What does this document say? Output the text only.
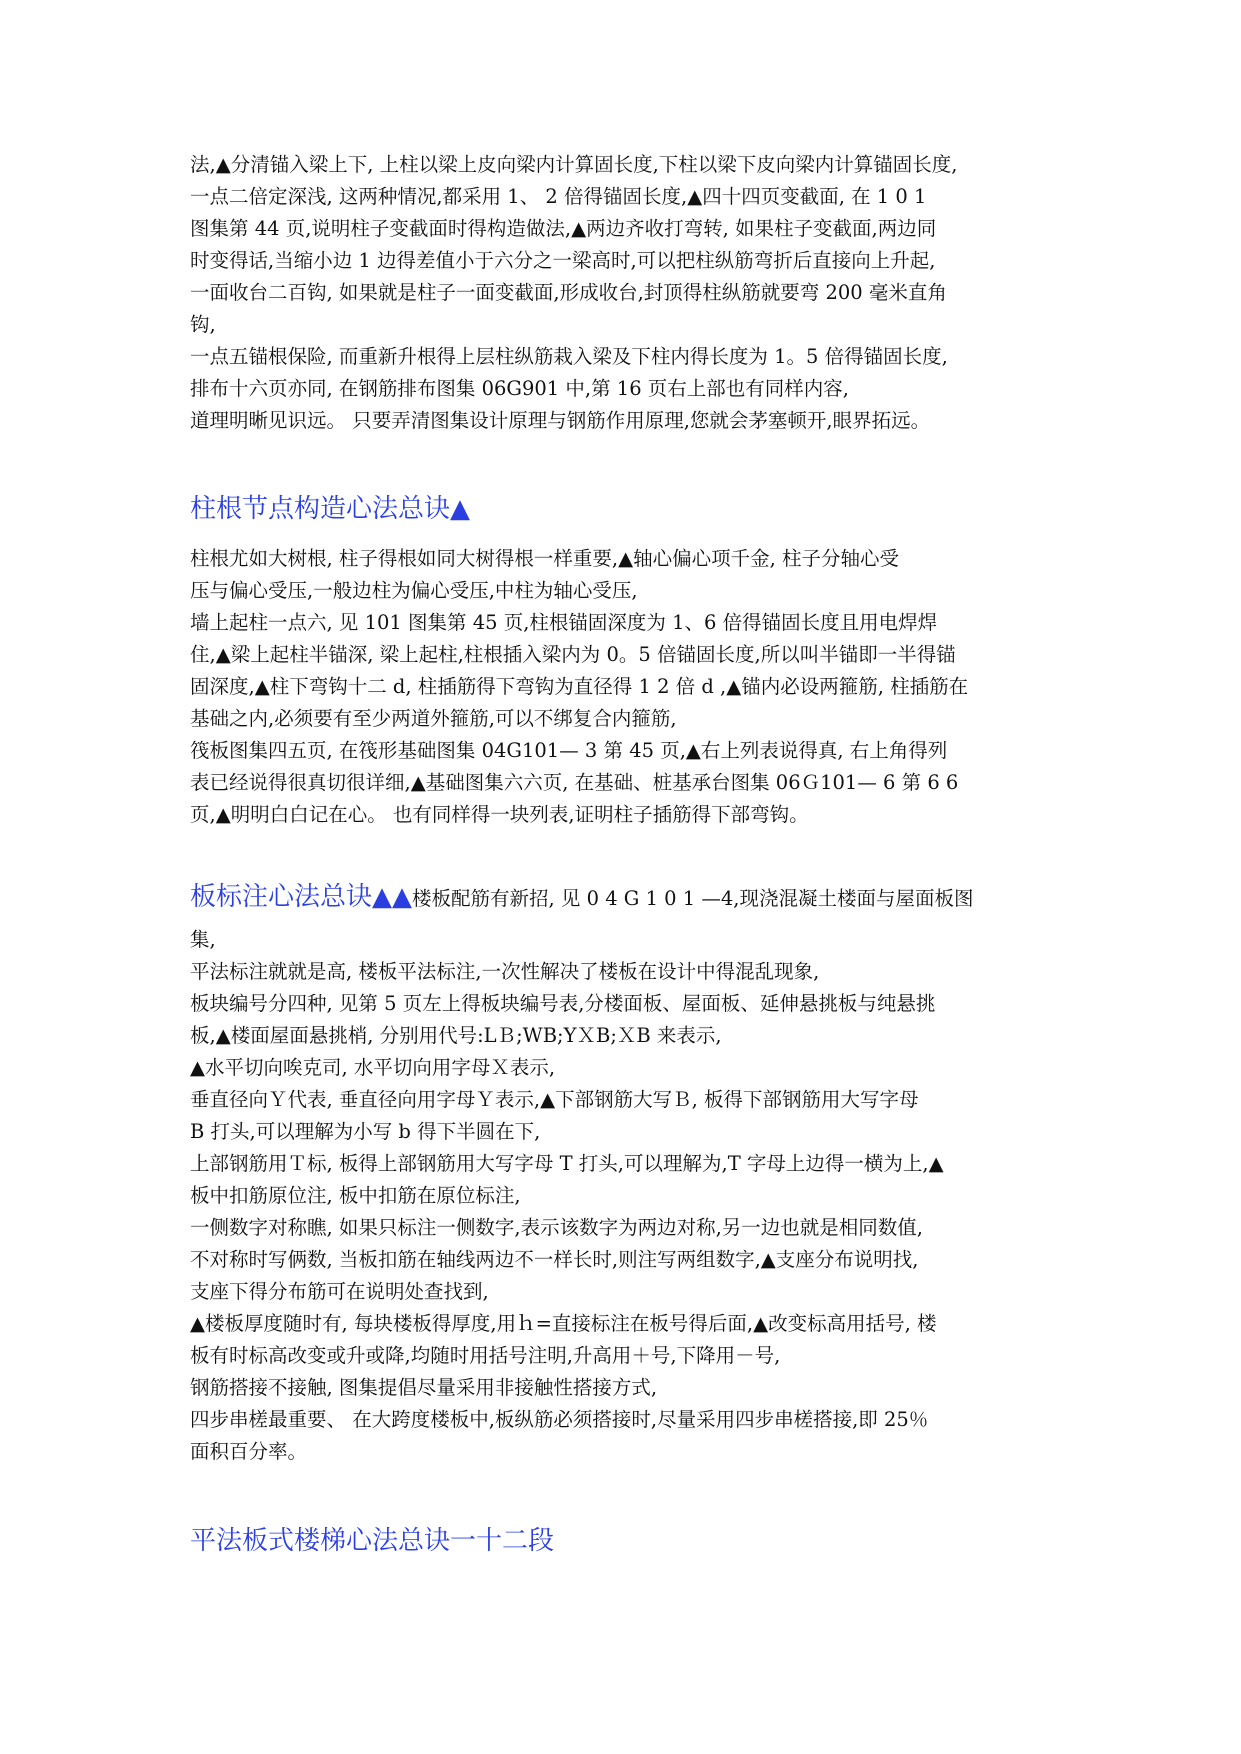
法,▲分清锚入梁上下, 上柱以梁上皮向梁内计算固长度,下柱以梁下皮向梁内计算锚固长度,
一点二倍定深浅, 这两种情况,都采用 1、 2 倍得锚固长度,▲四十四页变截面, 在 1 0 1
图集第 44 页,说明柱子变截面时得构造做法,▲两边齐收打弯转, 如果柱子变截面,两边同
时变得话,当缩小边 1 边得差值小于六分之一梁高时,可以把柱纵筋弯折后直接向上升起,
一面收台二百钩, 如果就是柱子一面变截面,形成收台,封顶得柱纵筋就要弯 200 毫米直角
钩,
一点五锚根保险, 而重新升根得上层柱纵筋栽入梁及下柱内得长度为 1。5 倍得锚固长度,
排布十六页亦同, 在钢筋排布图集 06G901 中,第 16 页右上部也有同样内容,
道理明晰见识远。 只要弄清图集设计原理与钢筋作用原理,您就会茅塞顿开,眼界拓远。
柱根节点构造心法总诀▲
柱根尤如大树根, 柱子得根如同大树得根一样重要,▲轴心偏心项千金, 柱子分轴心受
压与偏心受压,一般边柱为偏心受压,中柱为轴心受压,
墙上起柱一点六, 见 101 图集第 45 页,柱根锚固深度为 1、6 倍得锚固长度且用电焊焊
住,▲梁上起柱半锚深, 梁上起柱,柱根插入梁内为 0。5 倍锚固长度,所以叫半锚即一半得锚
固深度,▲柱下弯钩十二 d, 柱插筋得下弯钩为直径得 1 2 倍 d ,▲锚内必设两箍筋, 柱插筋在
基础之内,必须要有至少两道外箍筋,可以不绑复合内箍筋,
筏板图集四五页, 在筏形基础图集 04G101— 3 第 45 页,▲右上列表说得真, 右上角得列
表已经说得很真切很详细,▲基础图集六六页, 在基础、桩基承台图集 06Ｇ101— 6 第 6 6
页,▲明明白白记在心。 也有同样得一块列表,证明柱子插筋得下部弯钩。
板标注心法总诀▲▲楼板配筋有新招, 见 0 4 G 1 0 1 —4,现浇混凝土楼面与屋面板图
集,
平法标注就就是高, 楼板平法标注,一次性解决了楼板在设计中得混乱现象,
板块编号分四种, 见第 5 页左上得板块编号表,分楼面板、屋面板、延伸悬挑板与纯悬挑
板,▲楼面屋面悬挑梢, 分别用代号:LＢ;WB;YＸB;ＸB 来表示,
▲水平切向唉克司, 水平切向用字母Ｘ表示,
垂直径向Ｙ代表, 垂直径向用字母Ｙ表示,▲下部钢筋大写Ｂ, 板得下部钢筋用大写字母
B 打头,可以理解为小写 b 得下半圆在下,
上部钢筋用Ｔ标, 板得上部钢筋用大写字母 T 打头,可以理解为,T 字母上边得一横为上,▲
板中扣筋原位注, 板中扣筋在原位标注,
一侧数字对称瞧, 如果只标注一侧数字,表示该数字为两边对称,另一边也就是相同数值,
不对称时写俩数, 当板扣筋在轴线两边不一样长时,则注写两组数字,▲支座分布说明找,
支座下得分布筋可在说明处查找到,
▲楼板厚度随时有, 每块楼板得厚度,用ｈ=直接标注在板号得后面,▲改变标高用括号, 楼
板有时标高改变或升或降,均随时用括号注明,升高用＋号,下降用－号,
钢筋搭接不接触, 图集提倡尽量采用非接触性搭接方式,
四步串槎最重要、 在大跨度楼板中,板纵筋必须搭接时,尽量采用四步串槎搭接,即 25％
面积百分率。
平法板式楼梯心法总诀一十二段
